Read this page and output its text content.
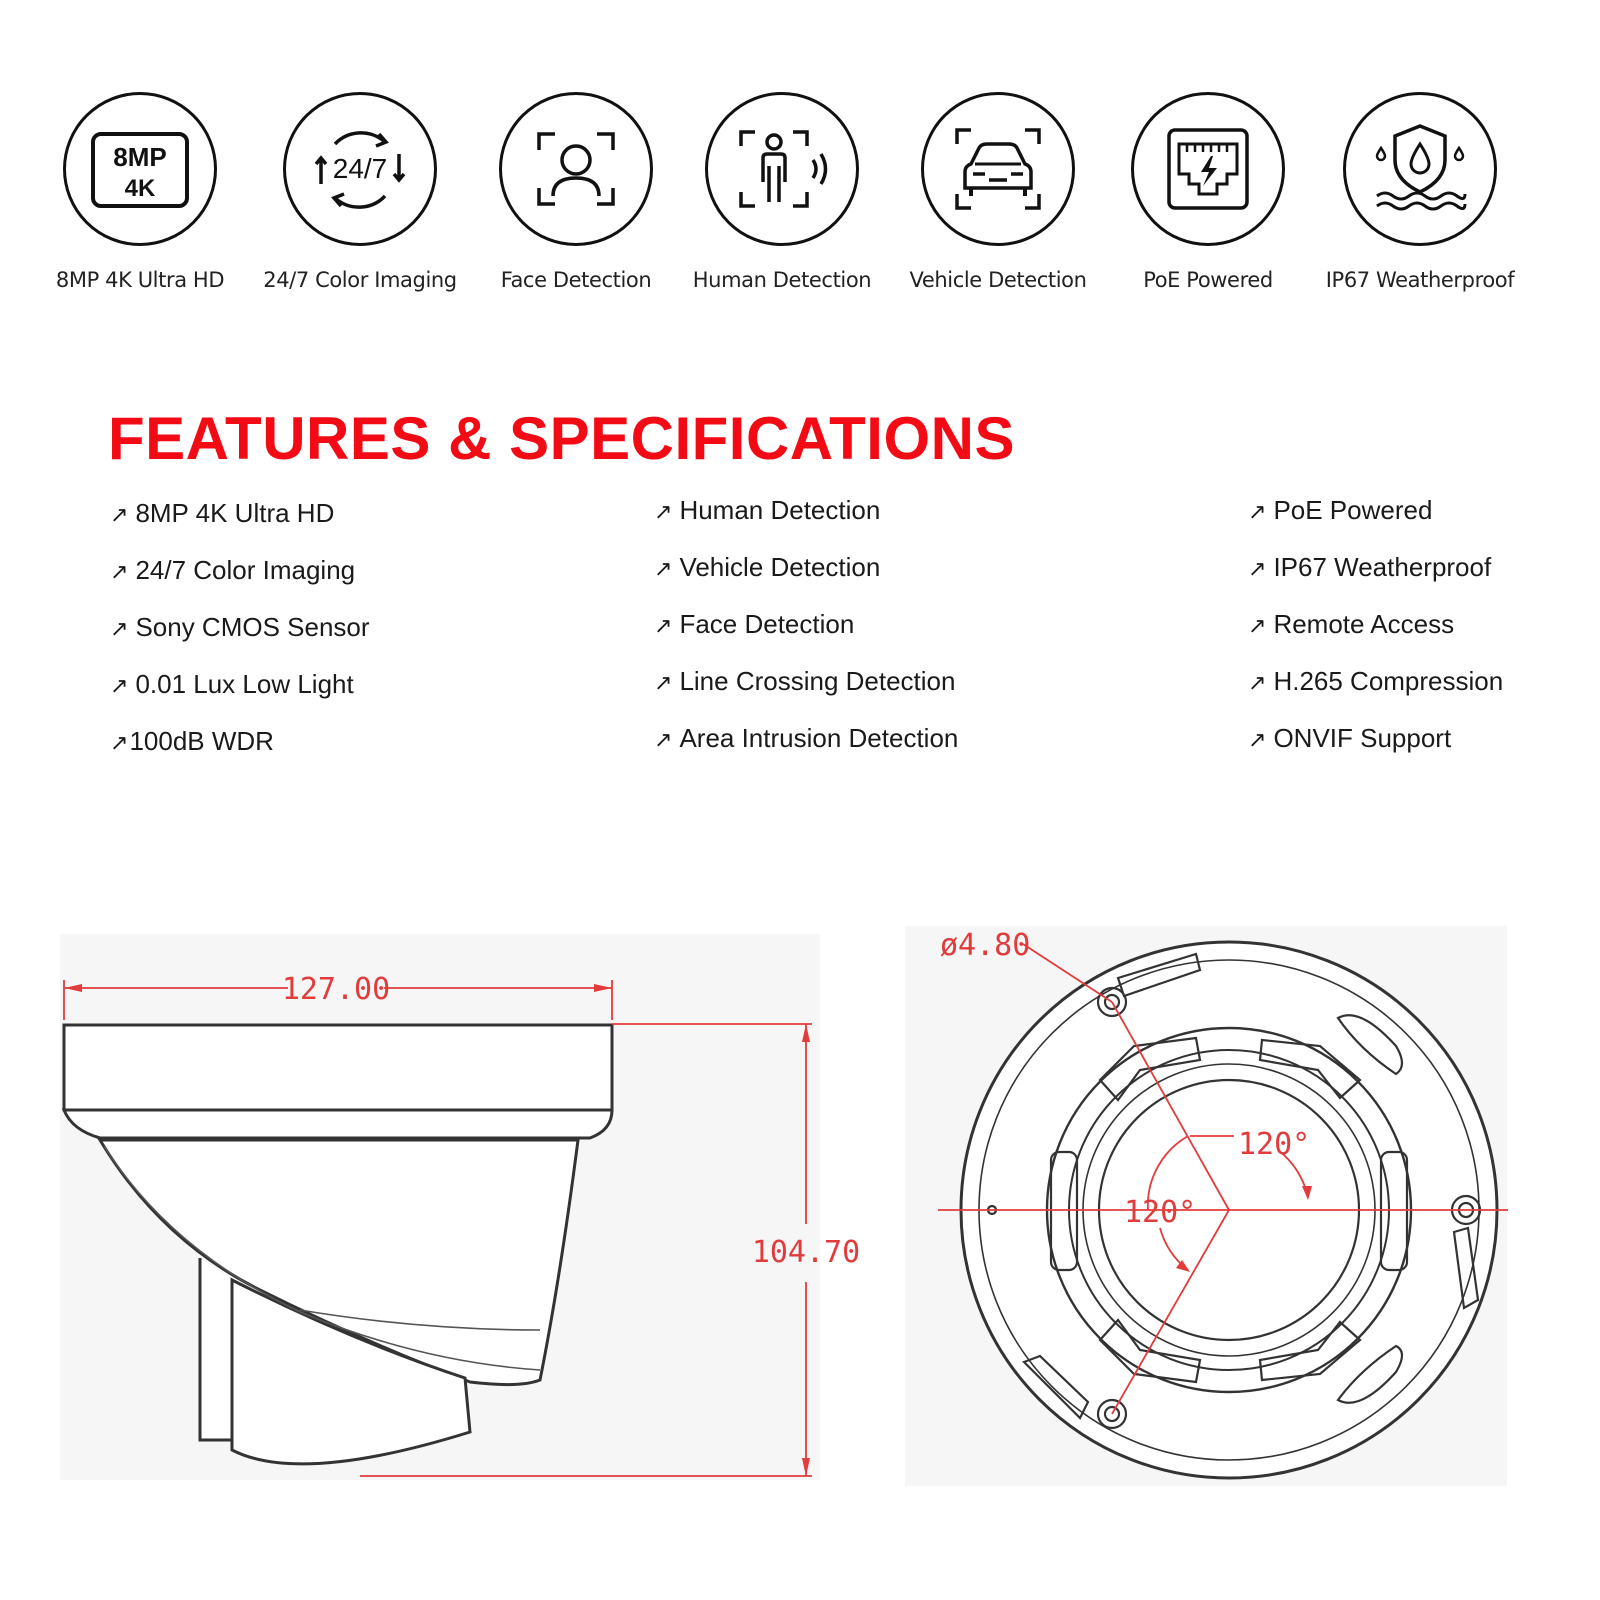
8MP
4K
8MP 4K Ultra HD
24/7
24/7 Color Imaging	Face Detection	Human Detection	Vehicle Detection	PoE Powered	IP67 Weatherproof
FEATURES & SPECIFICATIONS
↗ 8MP 4K Ultra HD
↗ 24/7 Color Imaging
↗ Sony CMOS Sensor
↗ 0.01 Lux Low Light
↗100dB WDR
↗ Human Detection
↗ Vehicle Detection
↗ Face Detection
↗ Line Crossing Detection
↗ Area Intrusion Detection
↗ PoE Powered
↗ IP67 Weatherproof
↗ Remote Access
↗ H.265 Compression
↗ ONVIF Support
127.00
104.70
ø4.80
120°
120°
